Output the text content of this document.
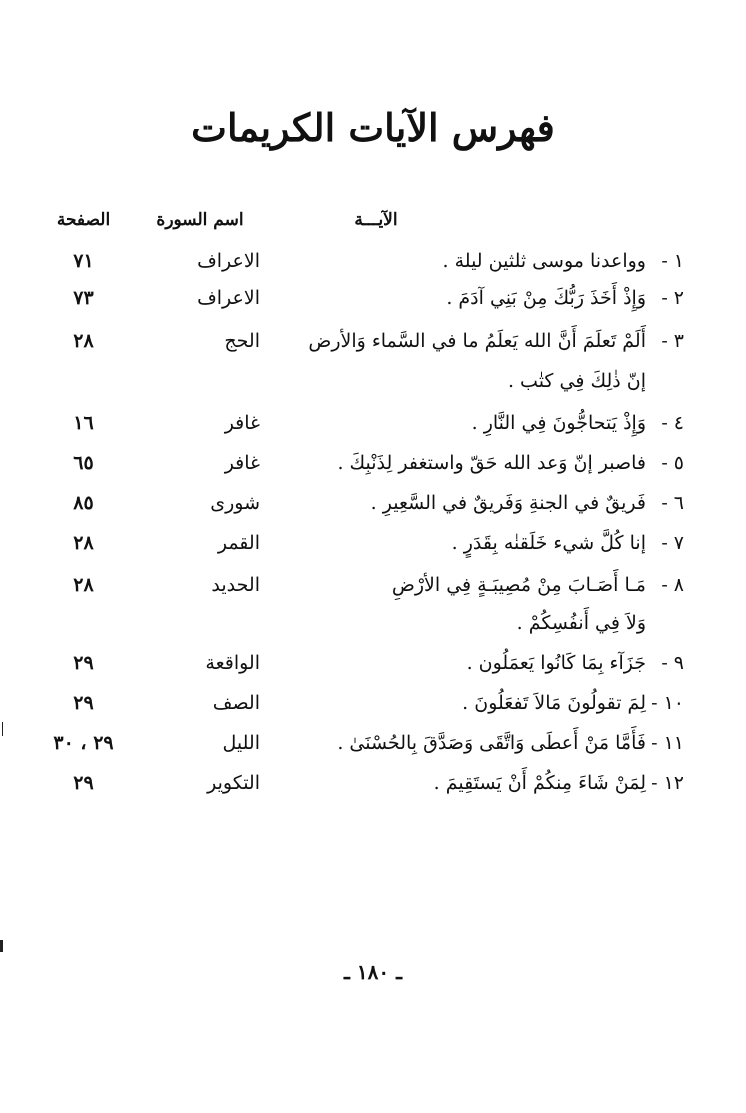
فهرس الآيات الكريمات
الآيـــة
اسم السورة
الصفحة
١ -
وواعدنا موسى ثلثين ليلة .
الاعراف
٧١
٢ -
وَإِذْ أَخَذَ رَبُّكَ مِنْ بَنِي آدَمَ .
الاعراف
٧٣
٣ -
أَلَمْ تَعلَمَ أَنَّ الله يَعلَمُ ما في السَّماء وَالأرض
الحج
٢٨
إنّ ذٰلِكَ فِي كتٰب .
٤ -
وَإِذْ يَتحاجُّونَ فِي النَّارِ .
غافر
١٦
٥ -
فاصبر إنّ وَعد الله حَقّ واستغفر لِذَنْبِكَ .
غافر
٦٥
٦ -
فَريقٌ في الجنةِ وَفَريقٌ في السَّعِيرِ .
شورى
٨٥
٧ -
إنا كُلَّ شيء خَلَقنٰه بِقَدَرٍ .
القمر
٢٨
٨ -
مَـا أَصَـابَ مِنْ مُصِيبَـةٍ فِي الأرْضِ
الحديد
٢٨
وَلاَ فِي أَنفُسِكُمْ .
٩ -
جَزَآء بِمَا كَانُوا يَعمَلُون .
الواقعة
٢٩
١٠ -
لِمَ تقولُونَ مَالاَ تَفعَلُونَ .
الصف
٢٩
١١ -
فَأَمَّا مَنْ أَعطَى وَاتَّقَى وَصَدَّقَ بِالحُسْنَىٰ .
الليل
٢٩ ، ٣٠
١٢ -
لِمَنْ شَاءَ مِنكُمْ أَنْ يَستَقِيمَ .
التكوير
٢٩
ـ ١٨٠ ـ
